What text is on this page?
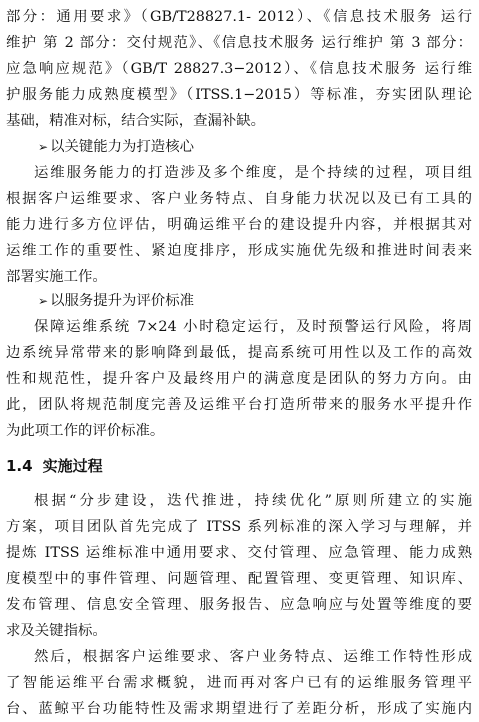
部分：通用要求》（GB/T28827.1- 2012）、《信息技术服务 运行
维护 第 2 部分：交付规范》、《信息技术服务 运行维护 第 3 部分：
应急响应规范》（GB/T 28827.3−2012）、《信息技术服务 运行维
护服务能力成熟度模型》（ITSS.1−2015）等标准，夯实团队理论
基础，精准对标，结合实际，查漏补缺。
➢ 以关键能力为打造核心
运维服务能力的打造涉及多个维度，是个持续的过程，项目组
根据客户运维要求、客户业务特点、自身能力状况以及已有工具的
能力进行多方位评估，明确运维平台的建设提升内容，并根据其对
运维工作的重要性、紧迫度排序，形成实施优先级和推进时间表来
部署实施工作。
➢ 以服务提升为评价标准
保障运维系统 7×24 小时稳定运行，及时预警运行风险，将周
边系统异常带来的影响降到最低，提高系统可用性以及工作的高效
性和规范性，提升客户及最终用户的满意度是团队的努力方向。由
此，团队将规范制度完善及运维平台打造所带来的服务水平提升作
为此项工作的评价标准。
1.4 实施过程
根据“分步建设，迭代推进，持续优化”原则所建立的实施
方案，项目团队首先完成了 ITSS 系列标准的深入学习与理解，并
提炼 ITSS 运维标准中通用要求、交付管理、应急管理、能力成熟
度模型中的事件管理、问题管理、配置管理、变更管理、知识库、
发布管理、信息安全管理、服务报告、应急响应与处置等维度的要
求及关键指标。
然后，根据客户运维要求、客户业务特点、运维工作特性形成
了智能运维平台需求概貌，进而再对客户已有的运维服务管理平
台、蓝鲸平台功能特性及需求期望进行了差距分析，形成了实施内
